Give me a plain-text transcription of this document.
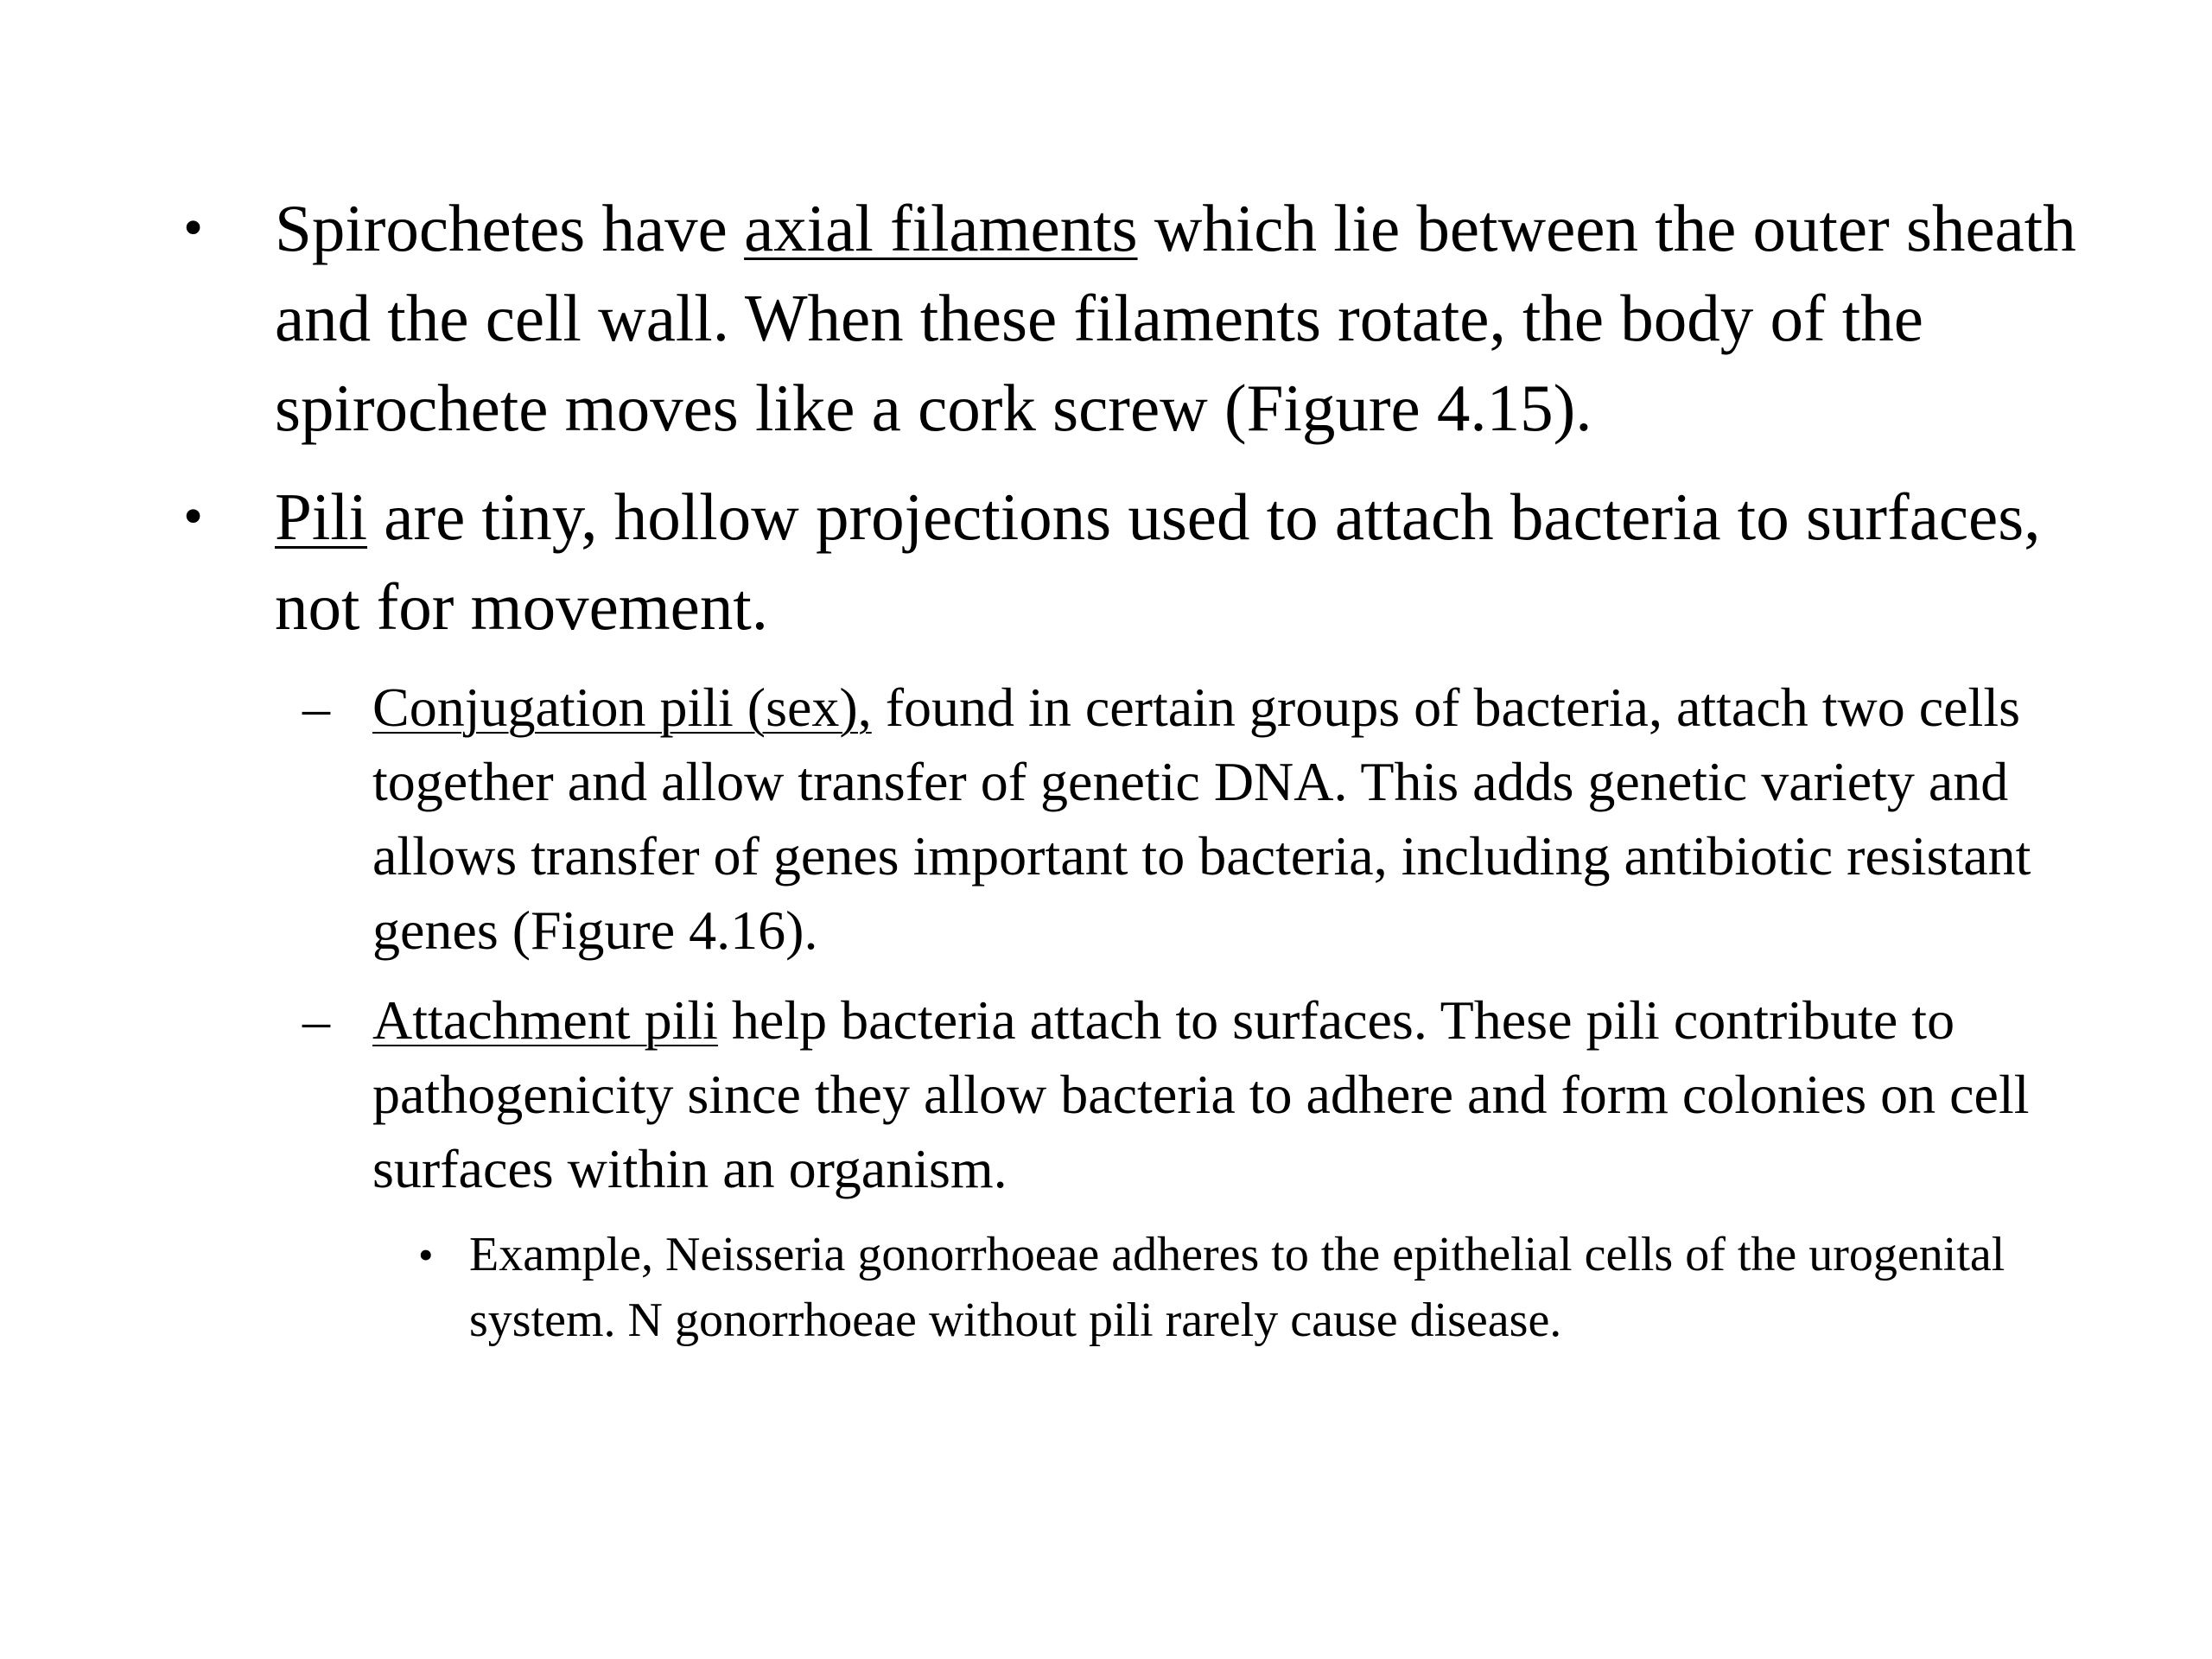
• Spirochetes have axial filaments which lie between the outer sheath and the cell wall. When these filaments rotate, the body of the spirochete moves like a cork screw (Figure 4.15).
• Pili are tiny, hollow projections used to attach bacteria to surfaces, not for movement.
– Conjugation pili (sex), found in certain groups of bacteria, attach two cells together and allow transfer of genetic DNA. This adds genetic variety and allows transfer of genes important to bacteria, including antibiotic resistant genes (Figure 4.16).
– Attachment pili help bacteria attach to surfaces. These pili contribute to pathogenicity since they allow bacteria to adhere and form colonies on cell surfaces within an organism.
• Example, Neisseria gonorrhoeae adheres to the epithelial cells of the urogenital system. N gonorrhoeae without pili rarely cause disease.
